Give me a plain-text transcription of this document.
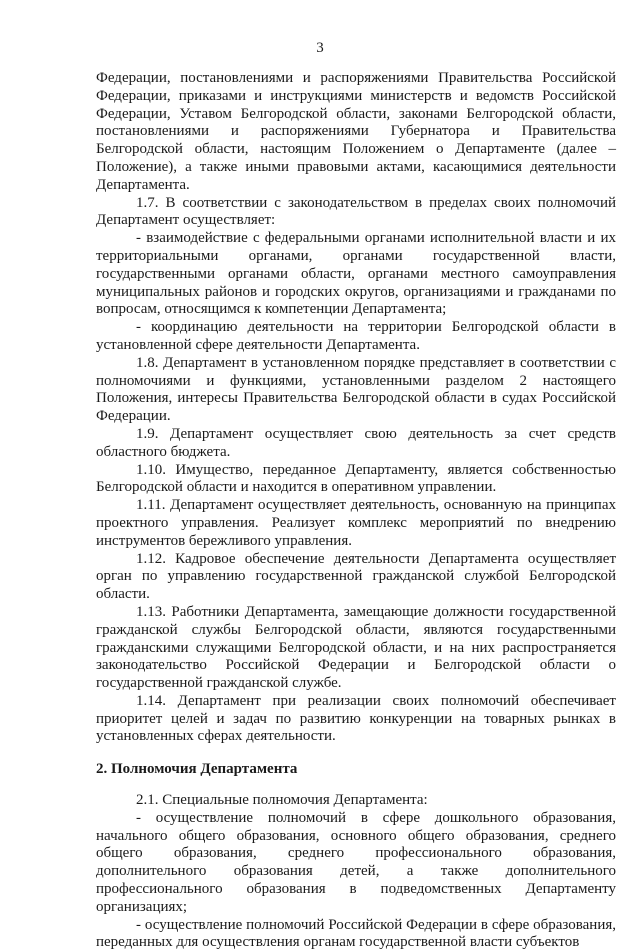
3

Федерации, постановлениями и распоряжениями Правительства Российской Федерации, приказами и инструкциями министерств и ведомств Российской Федерации, Уставом Белгородской области, законами Белгородской области, постановлениями и распоряжениями Губернатора и Правительства Белгородской области, настоящим Положением о Департаменте (далее – Положение), а также иными правовыми актами, касающимися деятельности Департамента.

1.7. В соответствии с законодательством в пределах своих полномочий Департамент осуществляет:

- взаимодействие с федеральными органами исполнительной власти и их территориальными органами, органами государственной власти, государственными органами области, органами местного самоуправления муниципальных районов и городских округов, организациями и гражданами по вопросам, относящимся к компетенции Департамента;

- координацию деятельности на территории Белгородской области в установленной сфере деятельности Департамента.

1.8. Департамент в установленном порядке представляет в соответствии с полномочиями и функциями, установленными разделом 2 настоящего Положения, интересы Правительства Белгородской области в судах Российской Федерации.

1.9. Департамент осуществляет свою деятельность за счет средств областного бюджета.

1.10. Имущество, переданное Департаменту, является собственностью Белгородской области и находится в оперативном управлении.

1.11. Департамент осуществляет деятельность, основанную на принципах проектного управления. Реализует комплекс мероприятий по внедрению инструментов бережливого управления.

1.12. Кадровое обеспечение деятельности Департамента осуществляет орган по управлению государственной гражданской службой Белгородской области.

1.13. Работники Департамента, замещающие должности государственной гражданской службы Белгородской области, являются государственными гражданскими служащими Белгородской области, и на них распространяется законодательство Российской Федерации и Белгородской области о государственной гражданской службе.

1.14. Департамент при реализации своих полномочий обеспечивает приоритет целей и задач по развитию конкуренции на товарных рынках в установленных сферах деятельности.

2. Полномочия Департамента

2.1. Специальные полномочия Департамента:

- осуществление полномочий в сфере дошкольного образования, начального общего образования, основного общего образования, среднего общего образования, среднего профессионального образования, дополнительного образования детей, а также дополнительного профессионального образования в подведомственных Департаменту организациях;

- осуществление полномочий Российской Федерации в сфере образования, переданных для осуществления органам государственной власти субъектов
